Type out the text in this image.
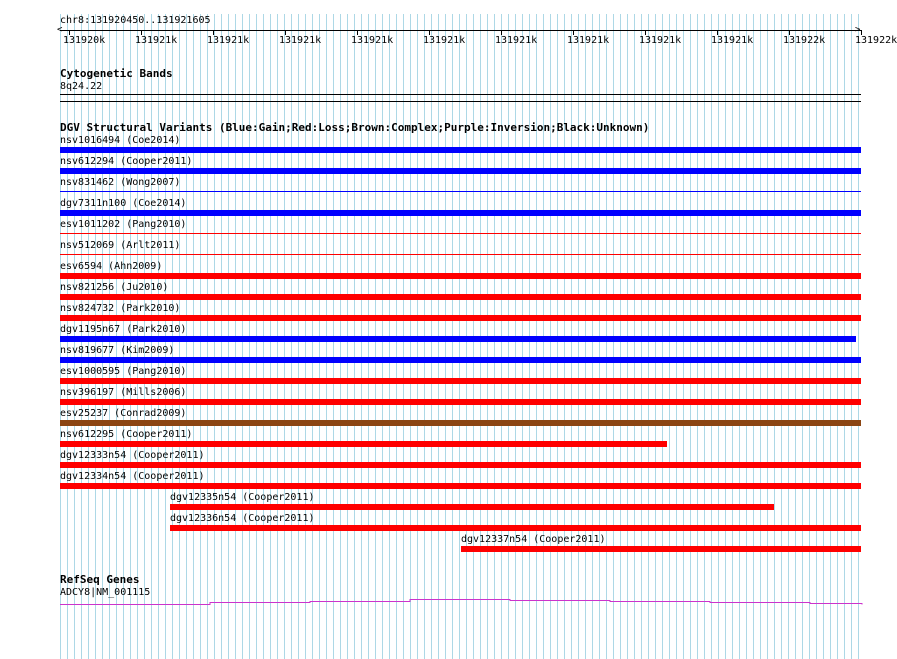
chr8:131920450..131921605
<	>
131920k	131921k	131921k	131921k	131921k	131921k	131921k	131921k	131921k	131921k	131922k	131922k
Cytogenetic Bands
8q24.22
DGV Structural Variants (Blue:Gain;Red:Loss;Brown:Complex;Purple:Inversion;Black:Unknown)
nsv1016494 (Coe2014)
nsv612294 (Cooper2011)
nsv831462 (Wong2007)
dgv7311n100 (Coe2014)
esv1011202 (Pang2010)
nsv512069 (Arlt2011)
esv6594 (Ahn2009)
nsv821256 (Ju2010)
nsv824732 (Park2010)
dgv1195n67 (Park2010)
nsv819677 (Kim2009)
esv1000595 (Pang2010)
nsv396197 (Mills2006)
esv25237 (Conrad2009)
nsv612295 (Cooper2011)
dgv12333n54 (Cooper2011)
dgv12334n54 (Cooper2011)
dgv12335n54 (Cooper2011)
dgv12336n54 (Cooper2011)
dgv12337n54 (Cooper2011)
RefSeq Genes
ADCY8|NM_001115
